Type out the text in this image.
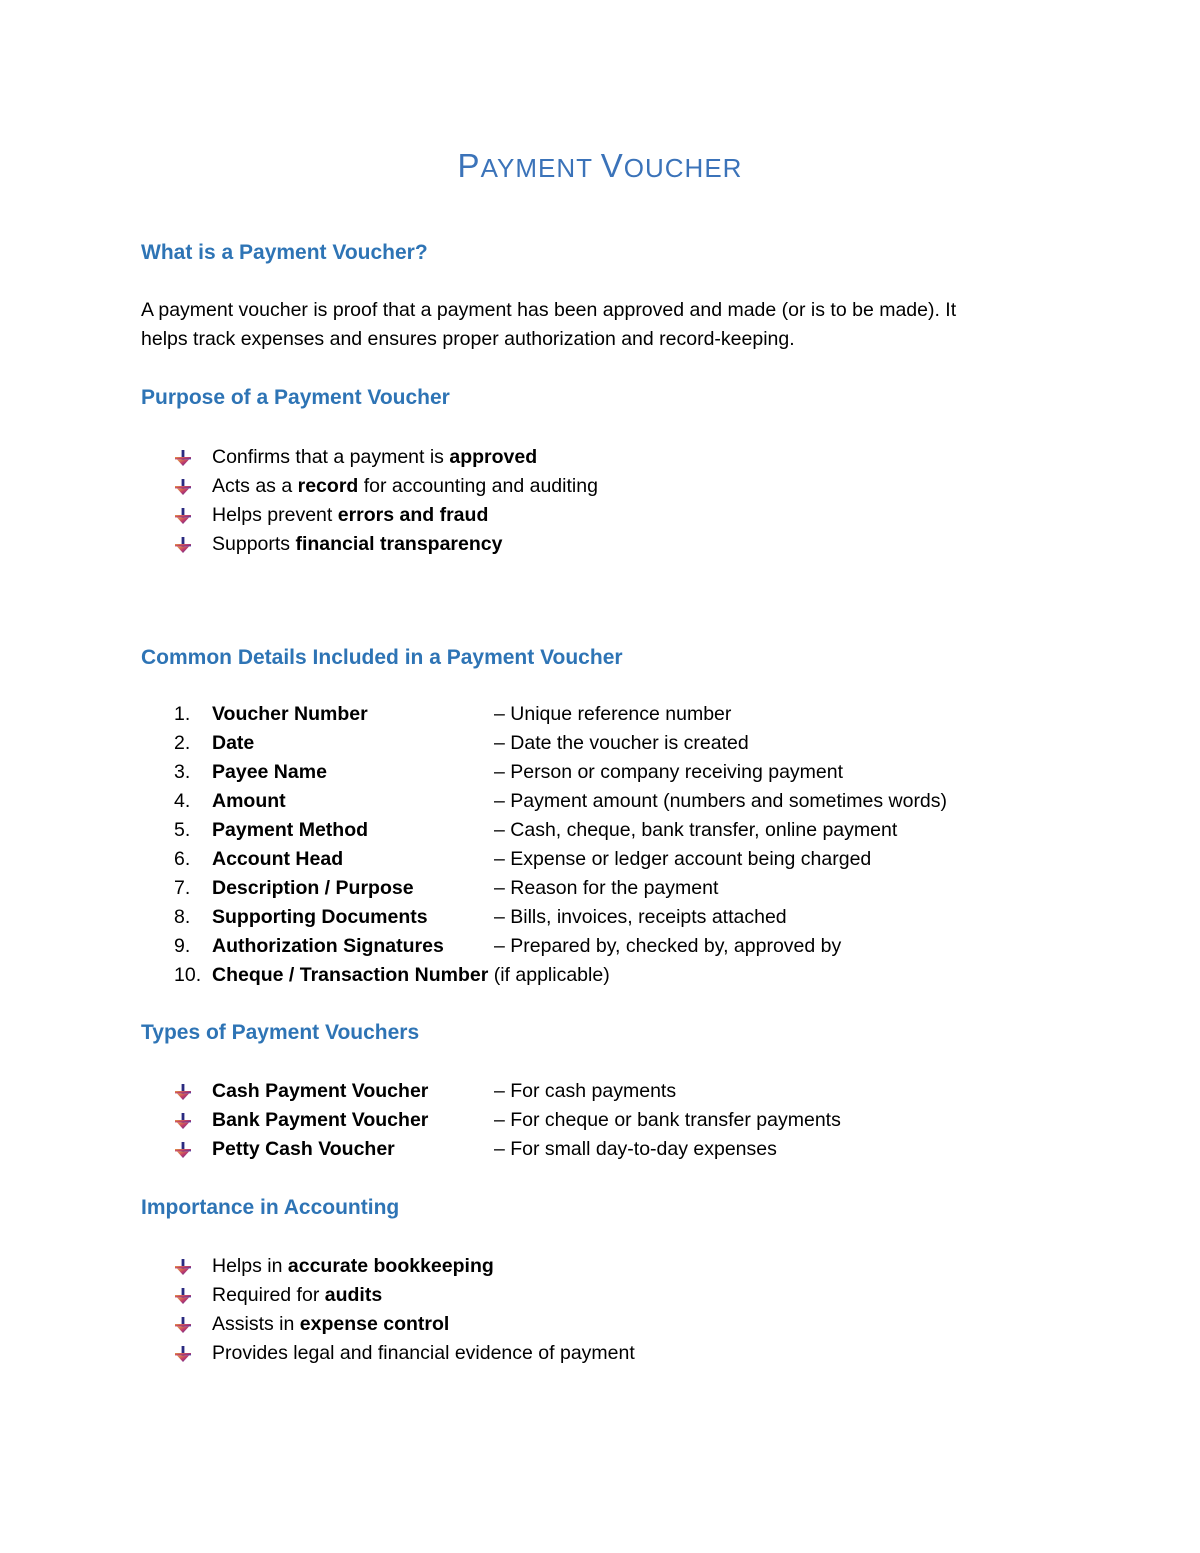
PAYMENT VOUCHER
What is a Payment Voucher?

A payment voucher is proof that a payment has been approved and made (or is to be made). It
helps track expenses and ensures proper authorization and record-keeping.

Purpose of a Payment Voucher
Confirms that a payment is approved
Acts as a record for accounting and auditing
Helps prevent errors and fraud
Supports financial transparency
Common Details Included in a Payment Voucher
1.	Voucher Number	– Unique reference number
2.	Date	– Date the voucher is created
3.	Payee Name	– Person or company receiving payment
4.	Amount	– Payment amount (numbers and sometimes words)
5.	Payment Method	– Cash, cheque, bank transfer, online payment
6.	Account Head	– Expense or ledger account being charged
7.	Description / Purpose	– Reason for the payment
8.	Supporting Documents	– Bills, invoices, receipts attached
9.	Authorization Signatures	– Prepared by, checked by, approved by
10. Cheque / Transaction Number (if applicable)
Types of Payment Vouchers
Cash Payment Voucher	– For cash payments
Bank Payment Voucher	– For cheque or bank transfer payments
Petty Cash Voucher	– For small day-to-day expenses
Importance in Accounting
Helps in accurate bookkeeping
Required for audits
Assists in expense control
Provides legal and financial evidence of payment
